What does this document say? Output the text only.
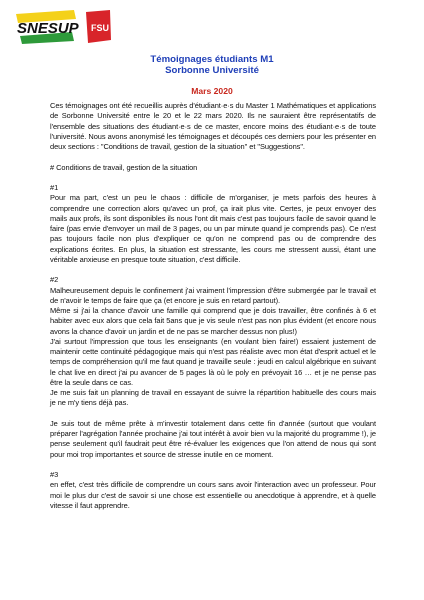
SNESUP FSU
Témoignages étudiants M1
Sorbonne Université
Mars 2020

Ces témoignages ont été recueillis auprès d'étudiant·e·s du Master 1 Mathématiques et applications de Sorbonne Université entre le 20 et le 22 mars 2020. Ils ne sauraient être représentatifs de l'ensemble des situations des étudiant·e·s de ce master, encore moins des étudiant·e·s de toute l'université. Nous avons anonymisé les témoignages et découpés ces derniers pour les présenter en deux sections : "Conditions de travail, gestion de la situation" et "Suggestions".

# Conditions de travail, gestion de la situation

#1

Pour ma part, c'est un peu le chaos : difficile de m'organiser, je mets parfois des heures à comprendre une correction alors qu'avec un prof, ça irait plus vite. Certes, je peux envoyer des mails aux profs, ils sont disponibles ils nous l'ont dit mais c'est pas toujours facile de savoir quand le faire (pas envie d'envoyer un mail de 3 pages, ou un par minute quand je comprends pas). Ce n'est pas toujours facile non plus d'expliquer ce qu'on ne comprend pas ou de comprendre des explications écrites. En plus, la situation est stressante, les cours me stressent aussi, étant une véritable anxieuse en presque toute situation, c'est difficile.

#2

Malheureusement depuis le confinement j'ai vraiment l'impression d'être submergée par le travail et de n'avoir le temps de faire que ça (et encore je suis en retard partout).

Même si j'ai la chance d'avoir une famille qui comprend que je dois travailler, être confinés à 6 et habiter avec eux alors que cela fait 5ans que je vis seule n'est pas non plus évident (et encore nous avons la chance d'avoir un jardin et de ne pas se marcher dessus non plus!)

J'ai surtout l'impression que tous les enseignants (en voulant bien faire!) essaient justement de maintenir cette continuité pédagogique mais qui n'est pas réaliste avec mon état d'esprit actuel et le temps de compréhension qu'il me faut quand je travaille seule : jeudi en calcul algébrique en suivant le chat live en direct j'ai pu avancer de 5 pages là où le poly en prévoyait 16 … et je ne pense pas être la seule dans ce cas.

Je me suis fait un planning de travail en essayant de suivre la répartition habituelle des cours mais je ne m'y tiens déjà pas.

Je suis tout de même prête à m'investir totalement dans cette fin d'année (surtout que voulant préparer l'agrégation l'année prochaine j'ai tout intérêt à avoir bien vu la majorité du programme !), je pense seulement qu'il faudrait peut être ré-évaluer les exigences que l'on attend de nous qui sont pour moi trop importantes et source de stresse inutile en ce moment.

#3

en effet, c'est très difficile de comprendre un cours sans avoir l'interaction avec un professeur. Pour moi le plus dur c'est de savoir si une chose est essentielle ou anecdotique à apprendre, et à quelle vitesse il faut apprendre.
